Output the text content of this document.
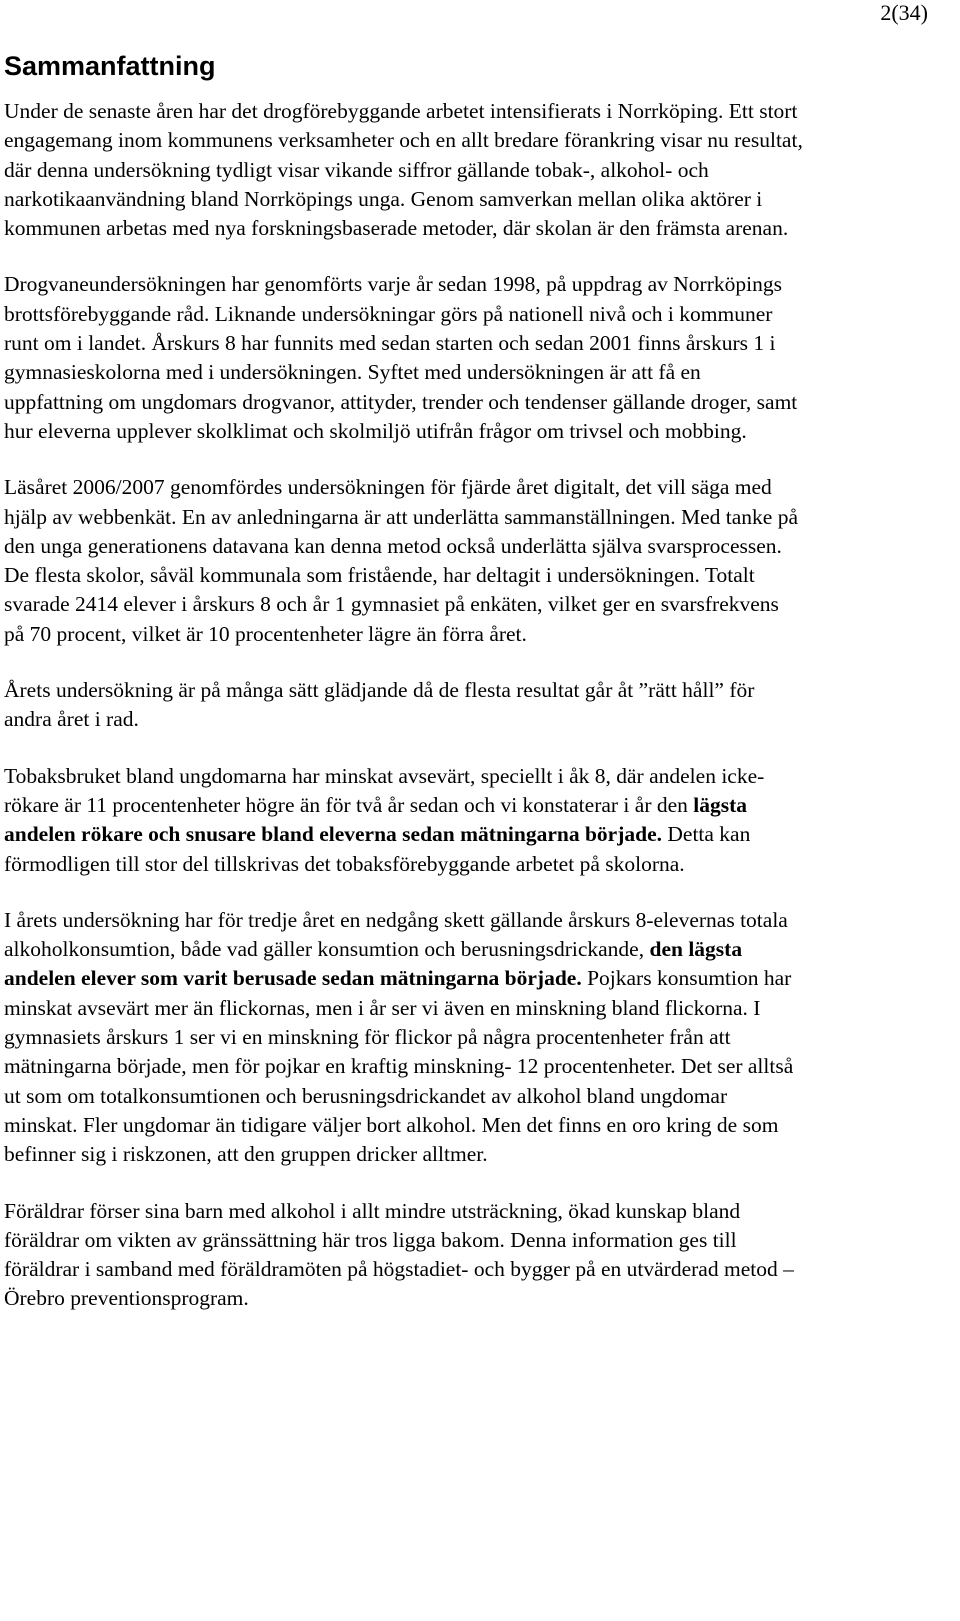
2(34)
Sammanfattning

Under de senaste åren har det drogförebyggande arbetet intensifierats i Norrköping. Ett stort engagemang inom kommunens verksamheter och en allt bredare förankring visar nu resultat, där denna undersökning tydligt visar vikande siffror gällande tobak-, alkohol- och narkotikaanvändning bland Norrköpings unga. Genom samverkan mellan olika aktörer i kommunen arbetas med nya forskningsbaserade metoder, där skolan är den främsta arenan.

Drogvaneundersökningen har genomförts varje år sedan 1998, på uppdrag av Norrköpings brottsförebyggande råd. Liknande undersökningar görs på nationell nivå och i kommuner runt om i landet. Årskurs 8 har funnits med sedan starten och sedan 2001 finns årskurs 1 i gymnasieskolorna med i undersökningen. Syftet med undersökningen är att få en uppfattning om ungdomars drogvanor, attityder, trender och tendenser gällande droger, samt hur eleverna upplever skolklimat och skolmiljö utifrån frågor om trivsel och mobbing.

Läsåret 2006/2007 genomfördes undersökningen för fjärde året digitalt, det vill säga med hjälp av webbenkät. En av anledningarna är att underlätta sammanställningen. Med tanke på den unga generationens datavana kan denna metod också underlätta själva svarsprocessen. De flesta skolor, såväl kommunala som fristående, har deltagit i undersökningen. Totalt svarade 2414 elever i årskurs 8 och år 1 gymnasiet på enkäten, vilket ger en svarsfrekvens på 70 procent, vilket är 10 procentenheter lägre än förra året.

Årets undersökning är på många sätt glädjande då de flesta resultat går åt ”rätt håll” för andra året i rad.

Tobaksbruket bland ungdomarna har minskat avsevärt, speciellt i åk 8, där andelen icke- rökare är 11 procentenheter högre än för två år sedan och vi konstaterar i år den lägsta andelen rökare och snusare bland eleverna sedan mätningarna började. Detta kan förmodligen till stor del tillskrivas det tobaksförebyggande arbetet på skolorna.

I årets undersökning har för tredje året en nedgång skett gällande årskurs 8-elevernas totala alkoholkonsumtion, både vad gäller konsumtion och berusningsdrickande, den lägsta andelen elever som varit berusade sedan mätningarna började. Pojkars konsumtion har minskat avsevärt mer än flickornas, men i år ser vi även en minskning bland flickorna. I gymnasiets årskurs 1 ser vi en minskning för flickor på några procentenheter från att mätningarna började, men för pojkar en kraftig minskning- 12 procentenheter. Det ser alltså ut som om totalkonsumtionen och berusningsdrickandet av alkohol bland ungdomar minskat. Fler ungdomar än tidigare väljer bort alkohol. Men det finns en oro kring de som befinner sig i riskzonen, att den gruppen dricker alltmer.

Föräldrar förser sina barn med alkohol i allt mindre utsträckning, ökad kunskap bland föräldrar om vikten av gränssättning här tros ligga bakom. Denna information ges till föräldrar i samband med föräldramöten på högstadiet- och bygger på en utvärderad metod – Örebro preventionsprogram.
